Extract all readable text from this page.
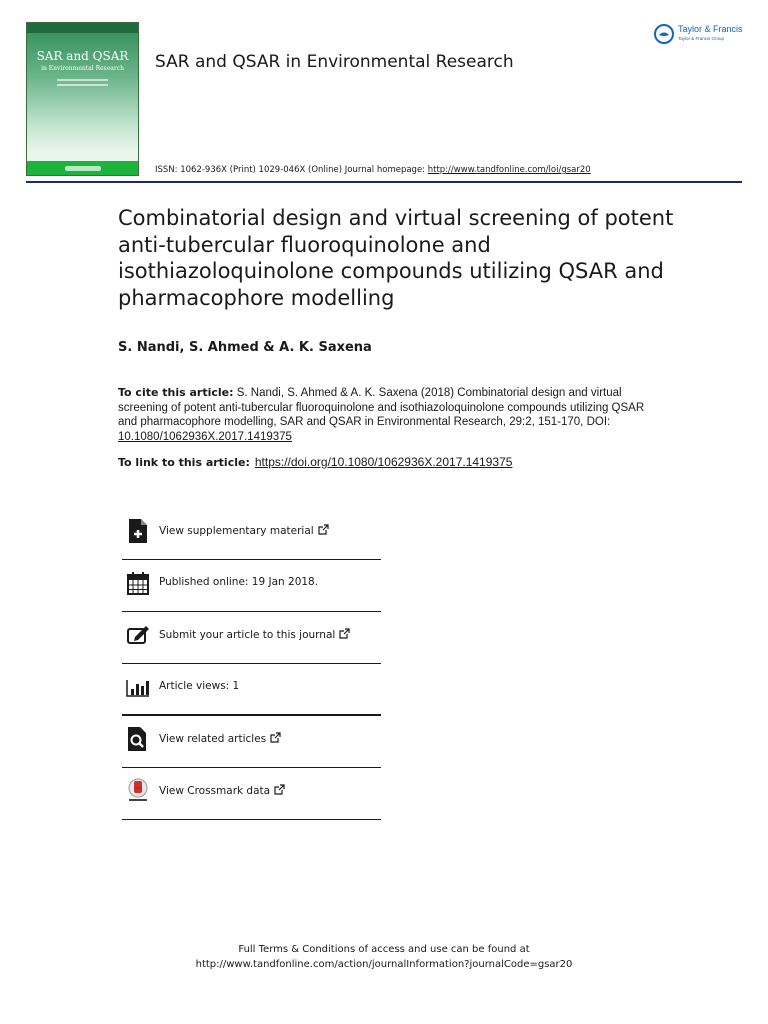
SAR and QSAR
in Environmental Research	SAR and QSAR in Environmental Research
Taylor & Francis
Taylor & Francis Group
ISSN: 1062-936X (Print) 1029-046X (Online) Journal homepage: http://www.tandfonline.com/loi/gsar20
Combinatorial design and virtual screening of potent anti-tubercular fluoroquinolone and isothiazoloquinolone compounds utilizing QSAR and pharmacophore modelling
S. Nandi, S. Ahmed & A. K. Saxena
To cite this article: S. Nandi, S. Ahmed & A. K. Saxena (2018) Combinatorial design and virtual screening of potent anti-tubercular fluoroquinolone and isothiazoloquinolone compounds utilizing QSAR and pharmacophore modelling, SAR and QSAR in Environmental Research, 29:2, 151-170, DOI: 10.1080/1062936X.2017.1419375
To link to this article: https://doi.org/10.1080/1062936X.2017.1419375
View supplementary material
Published online: 19 Jan 2018.
Submit your article to this journal
Article views: 1
View related articles
View Crossmark data
Full Terms & Conditions of access and use can be found at
http://www.tandfonline.com/action/journalInformation?journalCode=gsar20
